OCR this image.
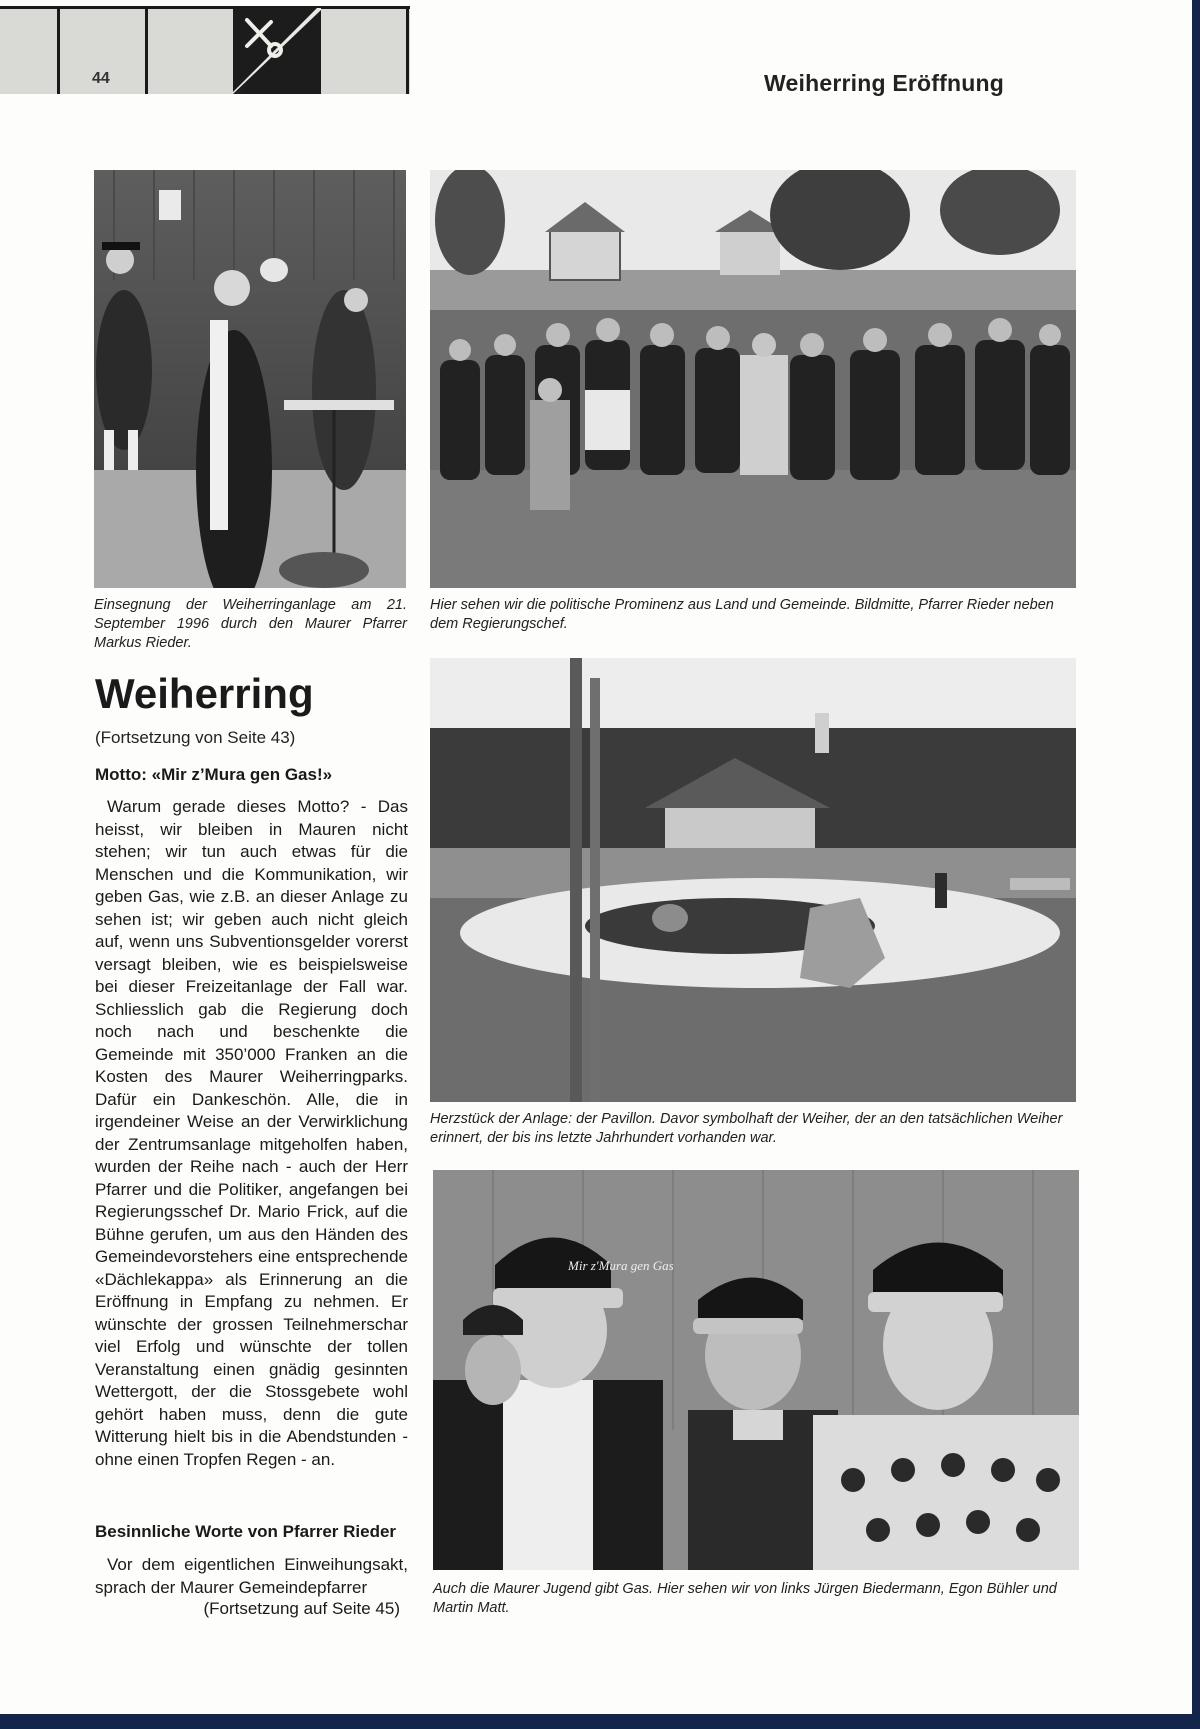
44	Weiherring Eröffnung
Einsegnung der Weiherringanlage am 21. September 1996 durch den Maurer Pfarrer Markus Rieder.
Hier sehen wir die politische Prominenz aus Land und Gemeinde. Bildmitte, Pfarrer Rieder neben dem Regierungschef.
Herzstück der Anlage: der Pavillon. Davor symbolhaft der Weiher, der an den tatsächlichen Weiher erinnert, der bis ins letzte Jahrhundert vorhanden war.
Mir z'Mura gen Gas
Auch die Maurer Jugend gibt Gas. Hier sehen wir von links Jürgen Biedermann, Egon Bühler und Martin Matt.
Weiherring
(Fortsetzung von Seite 43)
Motto: «Mir z’Mura gen Gas!»
Warum gerade dieses Motto? - Das heisst, wir bleiben in Mauren nicht stehen; wir tun auch etwas für die Menschen und die Kommunikation, wir geben Gas, wie z.B. an dieser Anlage zu sehen ist; wir geben auch nicht gleich auf, wenn uns Subventionsgelder vorerst versagt bleiben, wie es beispielsweise bei dieser Freizeitanlage der Fall war. Schliesslich gab die Regierung doch noch nach und beschenkte die Gemeinde mit 350’000 Franken an die Kosten des Maurer Weiherringparks. Dafür ein Dankeschön. Alle, die in irgendeiner Weise an der Verwirklichung der Zentrumsanlage mitgeholfen haben, wurden der Reihe nach - auch der Herr Pfarrer und die Politiker, angefangen bei Regierungsschef Dr. Mario Frick, auf die Bühne gerufen, um aus den Händen des Gemeindevorstehers eine entsprechende «Dächlekappa» als Erinnerung an die Eröffnung in Empfang zu nehmen. Er wünschte der grossen Teilnehmerschar viel Erfolg und wünschte der tollen Veranstaltung einen gnädig gesinnten Wettergott, der die Stossgebete wohl gehört haben muss, denn die gute Witterung hielt bis in die Abendstunden - ohne einen Tropfen Regen - an.
Besinnliche Worte von Pfarrer Rieder
Vor dem eigentlichen Einweihungsakt, sprach der Maurer Gemeindepfarrer
(Fortsetzung auf Seite 45)
